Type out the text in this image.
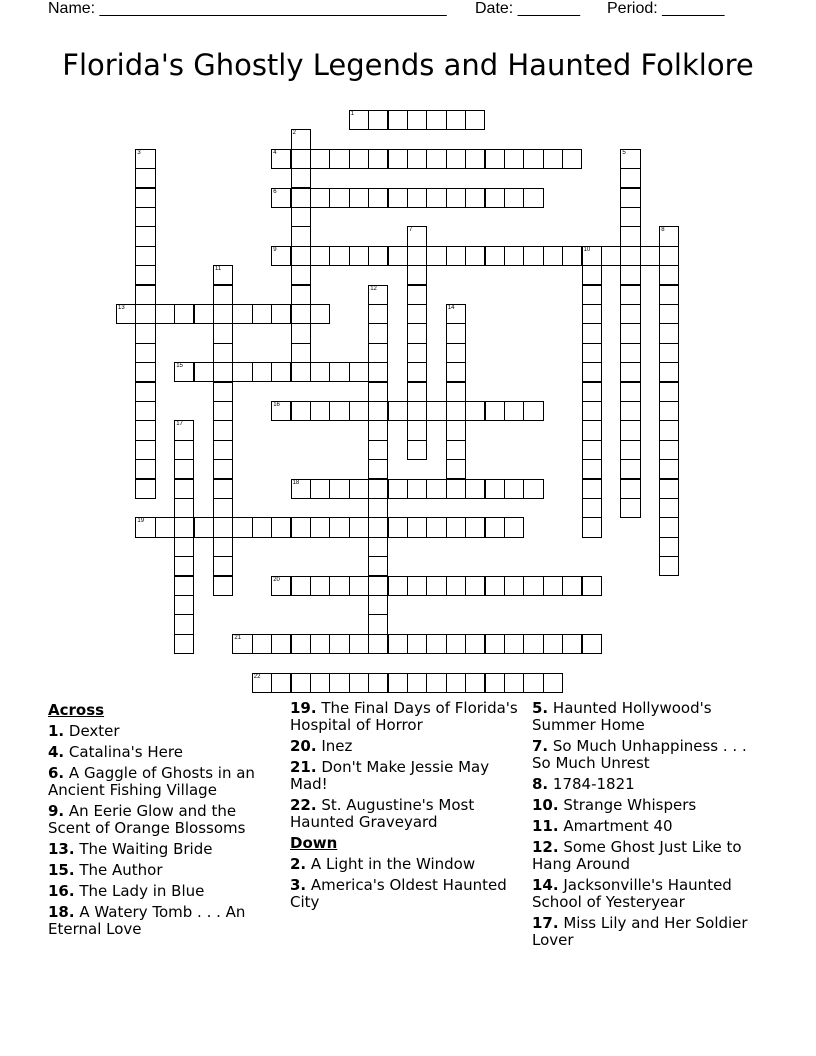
Name: _______________________________________ Date: _______ Period: _______
Florida's Ghostly Legends and Haunted Folklore
1
4
6
9	10
13
15
16
18
19
20
21
22
2
3	5
7	8
11
12
14
17
Across
1. Dexter
4. Catalina's Here
6. A Gaggle of Ghosts in an Ancient Fishing Village
9. An Eerie Glow and the Scent of Orange Blossoms
13. The Waiting Bride
15. The Author
16. The Lady in Blue
18. A Watery Tomb . . . An Eternal Love
19. The Final Days of Florida's Hospital of Horror
20. Inez
21. Don't Make Jessie May Mad!
22. St. Augustine's Most Haunted Graveyard
Down
2. A Light in the Window
3. America's Oldest Haunted City
5. Haunted Hollywood's Summer Home
7. So Much Unhappiness . . . So Much Unrest
8. 1784-1821
10. Strange Whispers
11. Amartment 40
12. Some Ghost Just Like to Hang Around
14. Jacksonville's Haunted School of Yesteryear
17. Miss Lily and Her Soldier Lover
